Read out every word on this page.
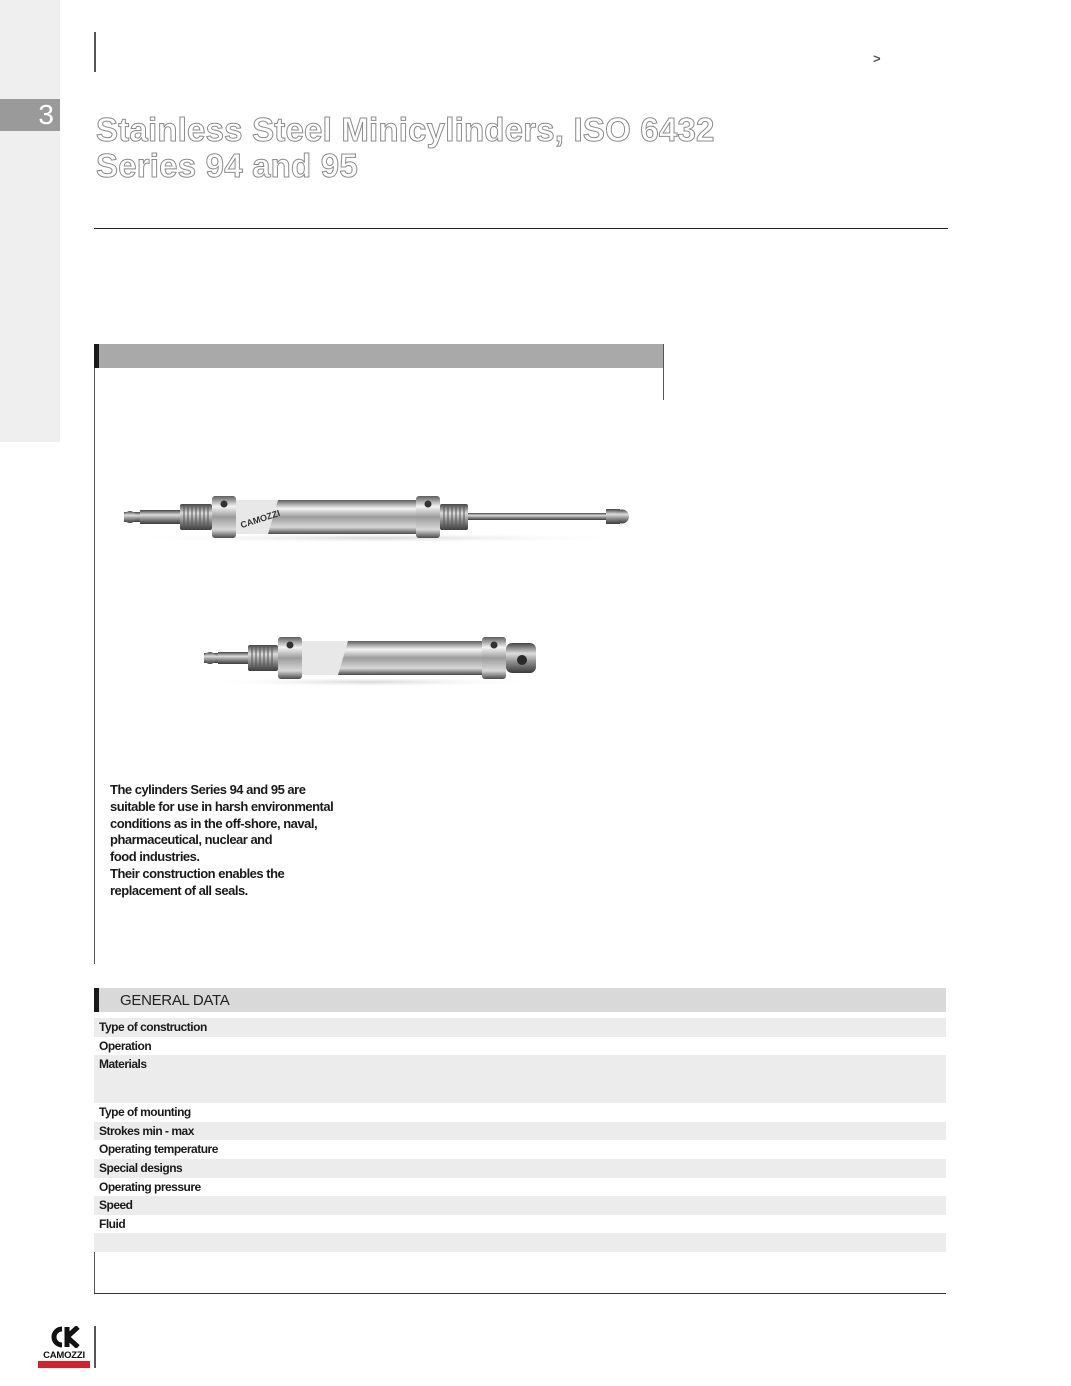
3
>
Stainless Steel Minicylinders, ISO 6432
Series 94 and 95
CAMOZZI

The cylinders Series 94 and 95 are
suitable for use in harsh environmental
conditions as in the off-shore, naval,
pharmaceutical, nuclear and
food industries.
Their construction enables the
replacement of all seals.

GENERAL DATA
Type of construction
Operation
Materials
Type of mounting
Strokes min - max
Operating temperature
Special designs
Operating pressure
Speed
Fluid
CAMOZZI
